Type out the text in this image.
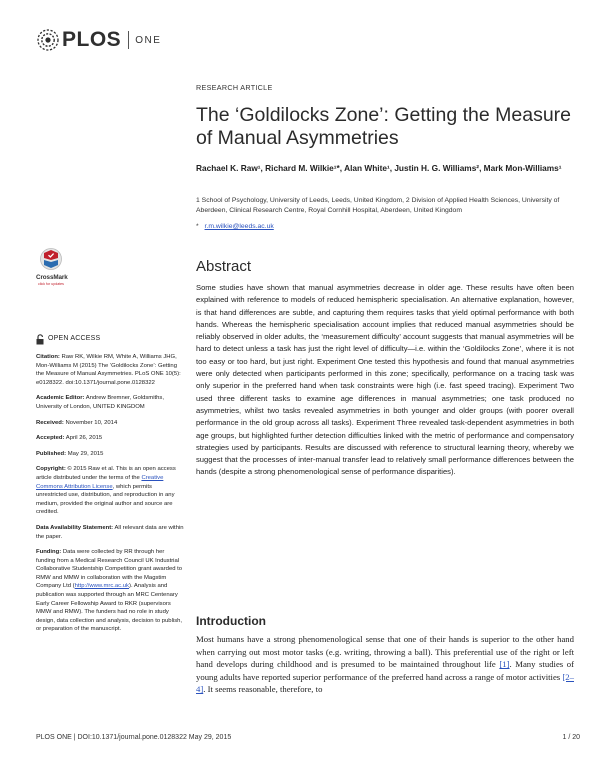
PLOS ONE
RESEARCH ARTICLE
The ‘Goldilocks Zone’: Getting the Measure of Manual Asymmetries
Rachael K. Raw¹, Richard M. Wilkie¹*, Alan White¹, Justin H. G. Williams², Mark Mon-Williams¹
1 School of Psychology, University of Leeds, Leeds, United Kingdom, 2 Division of Applied Health Sciences, University of Aberdeen, Clinical Research Centre, Royal Cornhill Hospital, Aberdeen, United Kingdom
* r.m.wilkie@leeds.ac.uk
CrossMark
click for updates
OPEN ACCESS
Citation: Raw RK, Wilkie RM, White A, Williams JHG, Mon-Williams M (2015) The ‘Goldilocks Zone’: Getting the Measure of Manual Asymmetries. PLoS ONE 10(5): e0128322. doi:10.1371/journal.pone.0128322
Academic Editor: Andrew Bremner, Goldsmiths, University of London, UNITED KINGDOM
Received: November 10, 2014
Accepted: April 26, 2015
Published: May 29, 2015
Copyright: © 2015 Raw et al. This is an open access article distributed under the terms of the Creative Commons Attribution License, which permits unrestricted use, distribution, and reproduction in any medium, provided the original author and source are credited.
Data Availability Statement: All relevant data are within the paper.
Funding: Data were collected by RR through her funding from a Medical Research Council UK Industrial Collaborative Studentship Competition grant awarded to RMW and MMW in collaboration with the Magstim Company Ltd (http://www.mrc.ac.uk). Analysis and publication was supported through an MRC Centenary Early Career Fellowship Award to RKR (supervisors MMW and RMW). The funders had no role in study design, data collection and analysis, decision to publish, or preparation of the manuscript.
Abstract

Some studies have shown that manual asymmetries decrease in older age. These results have often been explained with reference to models of reduced hemispheric specialisation. An alternative explanation, however, is that hand differences are subtle, and capturing them requires tasks that yield optimal performance with both hands. Whereas the hemispheric specialisation account implies that reduced manual asymmetries should be reliably observed in older adults, the ‘measurement difficulty’ account suggests that manual asymmetries will be hard to detect unless a task has just the right level of difficulty—i.e. within the ‘Goldilocks Zone’, where it is not too easy or too hard, but just right. Experiment One tested this hypothesis and found that manual asymmetries were only detected when participants performed in this zone; specifically, performance on a tracing task was only superior in the preferred hand when task constraints were high (i.e. fast speed tracing). Experiment Two used three different tasks to examine age differences in manual asymmetries; one task produced no asymmetries, whilst two tasks revealed asymmetries in both younger and older groups (with poorer overall performance in the old group across all tasks). Experiment Three revealed task-dependent asymmetries in both age groups, but highlighted further detection difficulties linked with the metric of performance and compensatory strategies used by participants. Results are discussed with reference to structural learning theory, whereby we suggest that the processes of inter-manual transfer lead to relatively small performance differences between the hands (despite a strong phenomenological sense of performance disparities).

Introduction

Most humans have a strong phenomenological sense that one of their hands is superior to the other hand when carrying out most motor tasks (e.g. writing, throwing a ball). This preferential use of the right or left hand develops during childhood and is presumed to be maintained throughout life [1]. Many studies of young adults have reported superior performance of the preferred hand across a range of motor activities [2–4]. It seems reasonable, therefore, to

PLOS ONE | DOI:10.1371/journal.pone.0128322 May 29, 2015	1 / 20
